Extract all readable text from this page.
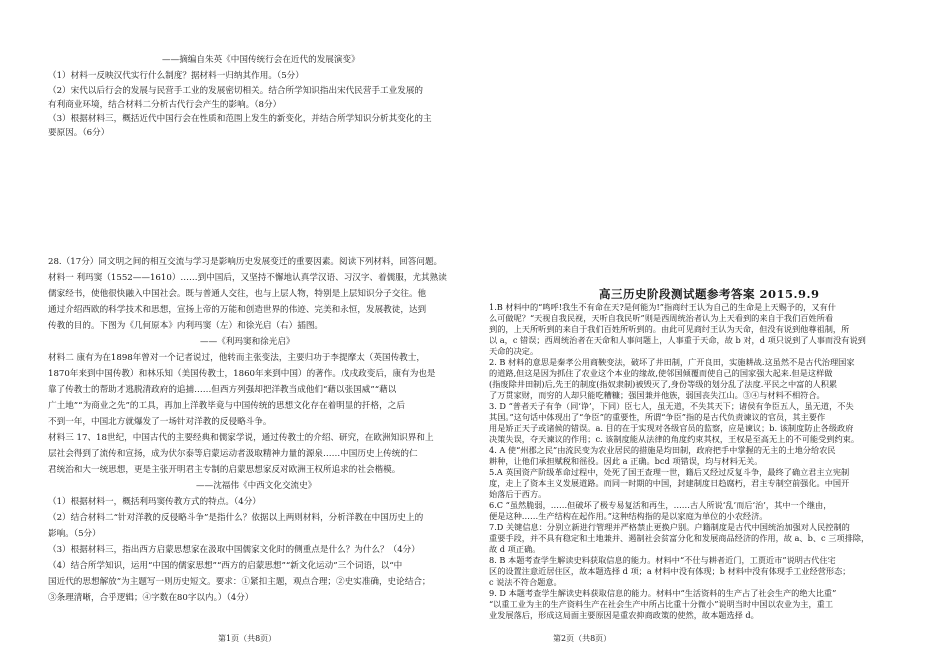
——摘编自朱英《中国传统行会在近代的发展演变》
（1）材料一反映汉代实行什么制度？据材料一归纳其作用。（5分）
（2）宋代以后行会的发展与民营手工业的发展密切相关。结合所学知识指出宋代民营手工业发展的
有利商业环境，结合材料二分析古代行会产生的影响。（8分）
（3）根据材料三，概括近代中国行会在性质和范围上发生的新变化，并结合所学知识分析其变化的主
要原因。（6分）
28.（17分）同文明之间的相互交流与学习是影响历史发展变迁的重要因素。阅读下列材料，回答问题。
材料一 利玛窦（1552——1610）……到中国后，又坚持不懈地认真学汉语、习汉字、着儒服，尤其熟读
儒家经书，使他很快融入中国社会。既与普通人交往，也与上层人物，特别是上层知识分子交往。他
通过介绍西欧的科学技术和思想，宣扬上帝的万能和创造世界的伟迹、完美和永恒，发展教徒，达到
传教的目的。下图为《几何原本》内利玛窦（左）和徐光启（右）插图。
——《利玛窦和徐光启》
材料二 康有为在1898年曾对一个记者说过，他转而主张变法，主要归功于李提摩太（英国传教士，
1870年来到中国传教）和林乐知（美国传教士，1860年来到中国）的著作。戊戌政变后，康有为也是
靠了传教士的帮助才逃脱清政府的追捕……但西方列强却把洋教当成他们“藉以张国威”“藉以
广土地”“为商业之先”的工具，再加上洋教毕竟与中国传统的思想文化存在着明显的扦格，之后
不到一年，中国北方就爆发了一场针对洋教的反侵略斗争。
材料三 17、18世纪，中国古代的主要经典和儒家学说，通过传教士的介绍、研究，在欧洲知识界和上
层社会得到了流传和宣扬，成为伏尔泰等启蒙运动者汲取精神力量的源泉……中国历史上传统的仁
君统治和大一统思想，更是主张开明君主专制的启蒙思想家反对欧洲王权所追求的社会楷模。
——沈福伟《中西文化交流史》
（1）根据材料一，概括利玛窦传教方式的特点。（4分）
（2）结合材料二“针对洋教的反侵略斗争”是指什么？依据以上两则材料，分析洋教在中国历史上的
影响。（5分）
（3）根据材料三，指出西方启蒙思想家在汲取中国儒家文化时的侧重点是什么？为什么？（4分）
（4）结合所学知识，运用“中国的儒家思想”“西方的启蒙思想”“新文化运动”三个词语，以“中
国近代的思想解放”为主题写一则历史短文。要求：①紧扣主题，观点合理；②史实准确，史论结合；
③条理清晰，合乎逻辑；④字数在80字以内。）（4分）
第1页（共8页）
高三历史阶段测试题参考答案 2015.9.9
1.B 材料中的“鸣呼!我生不有命在天?是何能为!”指商纣王认为自己的生命是上天赐予的，又有什
么可做呢？“天视自我民视，天听自我民听”则是西周统治者认为上天看到的来自于我们百姓所看
到的，上天所听到的来自于我们百姓所听到的。由此可见商纣王认为天命，但没有说到他尊祖制，所
以 a，c 错误；西周统治者在天命和人事问题上，人事重于天命，故 b 对，d 项只说到了人事而没有说到
天命的决定。
2. B 材料的意思是秦孝公用商鞅变法，破坏了井田制，广开良田，实施耕战.这虽然不是古代治理国家
的道路,但这是因为抓住了农业这个本业的缘故,使邻国倾覆而使自己的国家强大起来.但是这样做
(指废除井田制)后,先王的制度(指奴隶制)被毁灭了,身份等级的划分乱了法度.平民之中富的人积累
了万贯家财，而穷的人却只能吃糟糠；强国兼并他族，弱国丧失江山。③④与材料不相符合。
3. D “普者天子有争（同‘诤’，下同）臣七人，虽无道，不失其天下；诸侯有争臣五人，虽无道，不失
其国。”这句话中体现出了“争臣”的重要性，所谓“争臣”指的是古代负责谏议的官员，其主要作
用是矫正天子或诸候的错误。a. 目的在于实现对各级官员的监察，应是谏议；b. 该制度防止各级政府
决策失误，夺天谏议的作用；c. 该制度能从法律的角度约束其权，王权是至高无上的不可能受到约束。
4. A 使“州郡之民”由流民变为农业居民的措施是均田制，政府把手中掌握的无主的土地分给农民
耕种，让他们承担赋税和徭役。因此 a 正确。bcd 项错误，均与材料无关。
5.A 英国资产阶级革命过程中，处死了国王查理一世，籍后又经过反复斗争，最终了确立君主立宪制
度，走上了资本主义发展道路。而同一时期的中国，封建制度日趋腐朽，君主专制空前强化。中国开
始落后于西方。
6.C “虽然脆弱，……但破坏了极专易复活和再生，……古人所说‘乱’而后‘治’，其中一个继由，
便是这种……生产结构在起作用。”这种结构指的是以家庭为单位的小农经济。
7.D 关键信息：分别立新进行管理并严格禁止更换户别。户籍制度是古代中国统治加强对人民控制的
重要手段，并不具有稳定和土地兼并、遏制社会贫富分化和发展商品经济的作用，故 a、b、c 三项排除，
故 d 项正确。
8. B 本题考查学生解读史料获取信息的能力。材料中“不仕与耕者近门，工贾近市”说明古代住宅
区的设置注意近居住区，故本题选择 d 项；a 材料中没有体现；b 材料中没有体现手工业经营形态；
c 说法不符合题意。
9. D 本题考查学生解读史料获取信息的能力。材料中“生活资料的生产占了社会生产的绝大比重”
“以重工业为主的生产资料生产在社会生产中所占比重十分微小”说明当时中国以农业为主，重工
业发展落后，形成这局面主要原因是重农抑商政策的使然，故本题选择 d。
第2页（共8页）
